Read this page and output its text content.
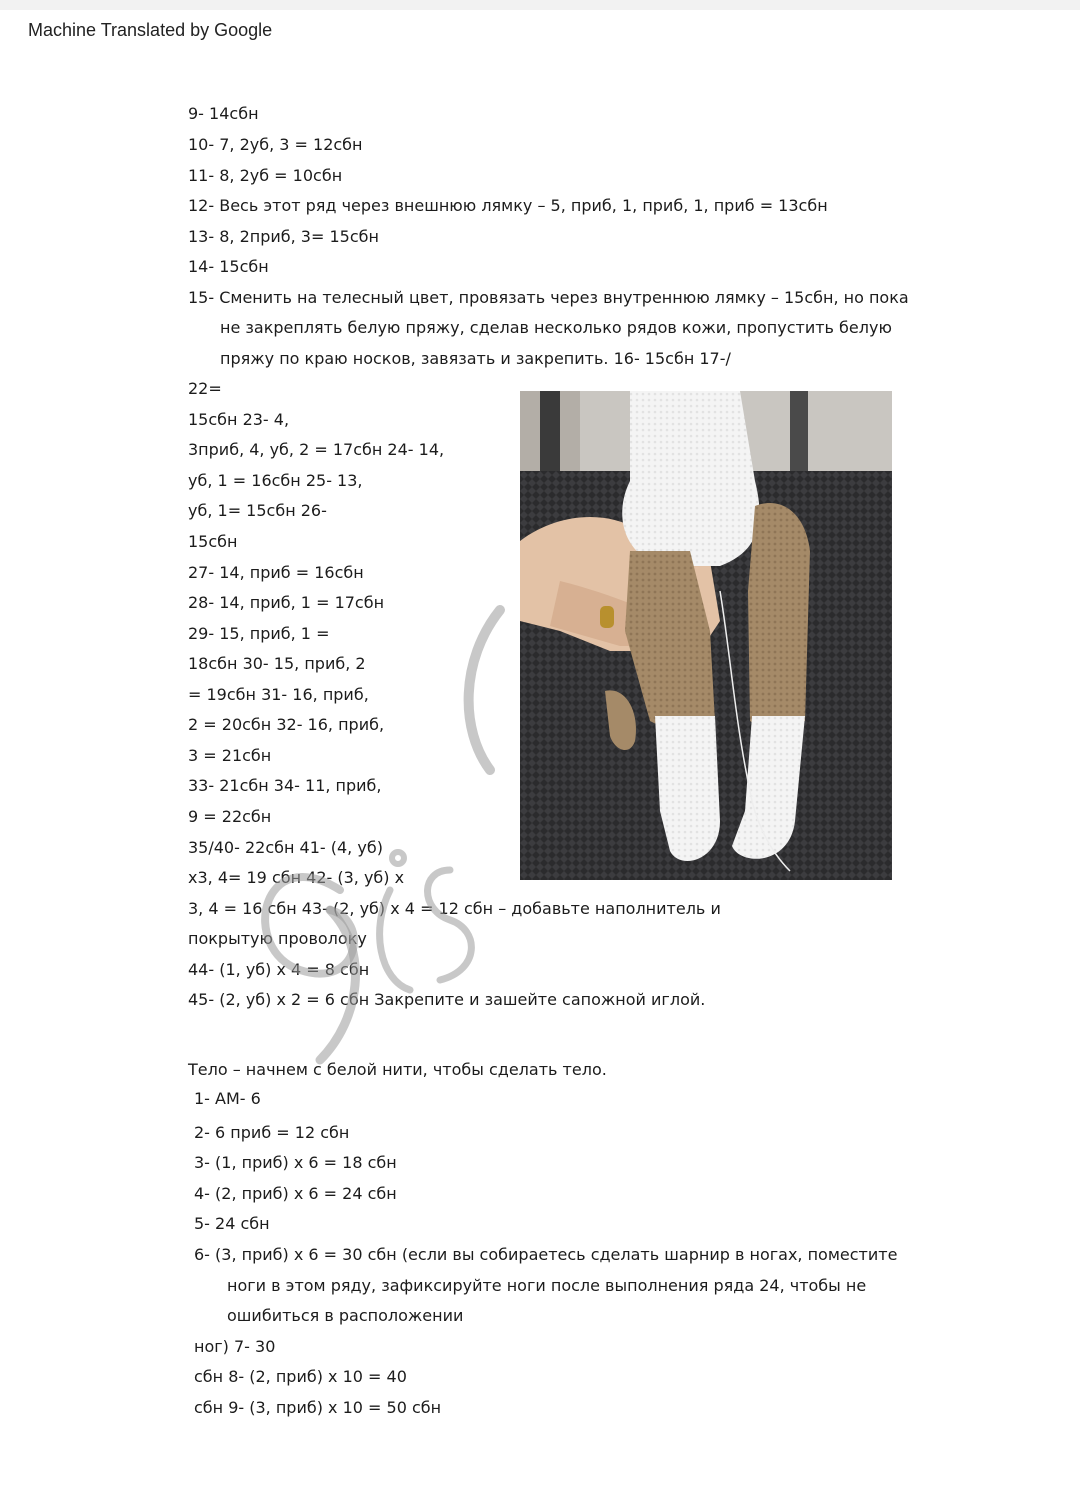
Machine Translated by Google
9- 14сбн
10- 7, 2уб, 3 = 12сбн
11- 8, 2уб = 10сбн
12- Весь этот ряд через внешнюю лямку – 5, приб, 1, приб, 1, приб = 13сбн
13- 8, 2приб, 3= 15сбн
14- 15сбн
15- Сменить на телесный цвет, провязать через внутреннюю лямку – 15сбн, но пока
не закреплять белую пряжу, сделав несколько рядов кожи, пропустить белую
пряжу по краю носков, завязать и закрепить. 16- 15сбн 17-/
22=
15сбн 23- 4,
3приб, 4, уб, 2 = 17сбн 24- 14,
уб, 1 = 16сбн 25- 13,
уб, 1= 15сбн 26-
15сбн
27- 14, приб = 16сбн
28- 14, приб, 1 = 17сбн
29- 15, приб, 1 =
18сбн 30- 15, приб, 2
= 19сбн 31- 16, приб,
2 = 20сбн 32- 16, приб,
3 = 21сбн
33- 21сбн 34- 11, приб,
9 = 22сбн
35/40- 22сбн 41- (4, уб)
x3, 4= 19 сбн 42- (3, уб) x
3, 4 = 16 сбн 43- (2, уб) x 4 = 12 сбн – добавьте наполнитель и
покрытую проволоку
44- (1, уб) x 4 = 8 сбн
45- (2, уб) x 2 = 6 сбн Закрепите и зашейте сапожной иглой.
Тело – начнем с белой нити, чтобы сделать тело.
1- AM- 6
2- 6 приб = 12 сбн
3- (1, приб) x 6 = 18 сбн
4- (2, приб) x 6 = 24 сбн
5- 24 сбн
6- (3, приб) x 6 = 30 сбн (если вы собираетесь сделать шарнир в ногах, поместите
ноги в этом ряду, зафиксируйте ноги после выполнения ряда 24, чтобы не
ошибиться в расположении
ног) 7- 30
сбн 8- (2, приб) x 10 = 40
сбн 9- (3, приб) x 10 = 50 сбн
